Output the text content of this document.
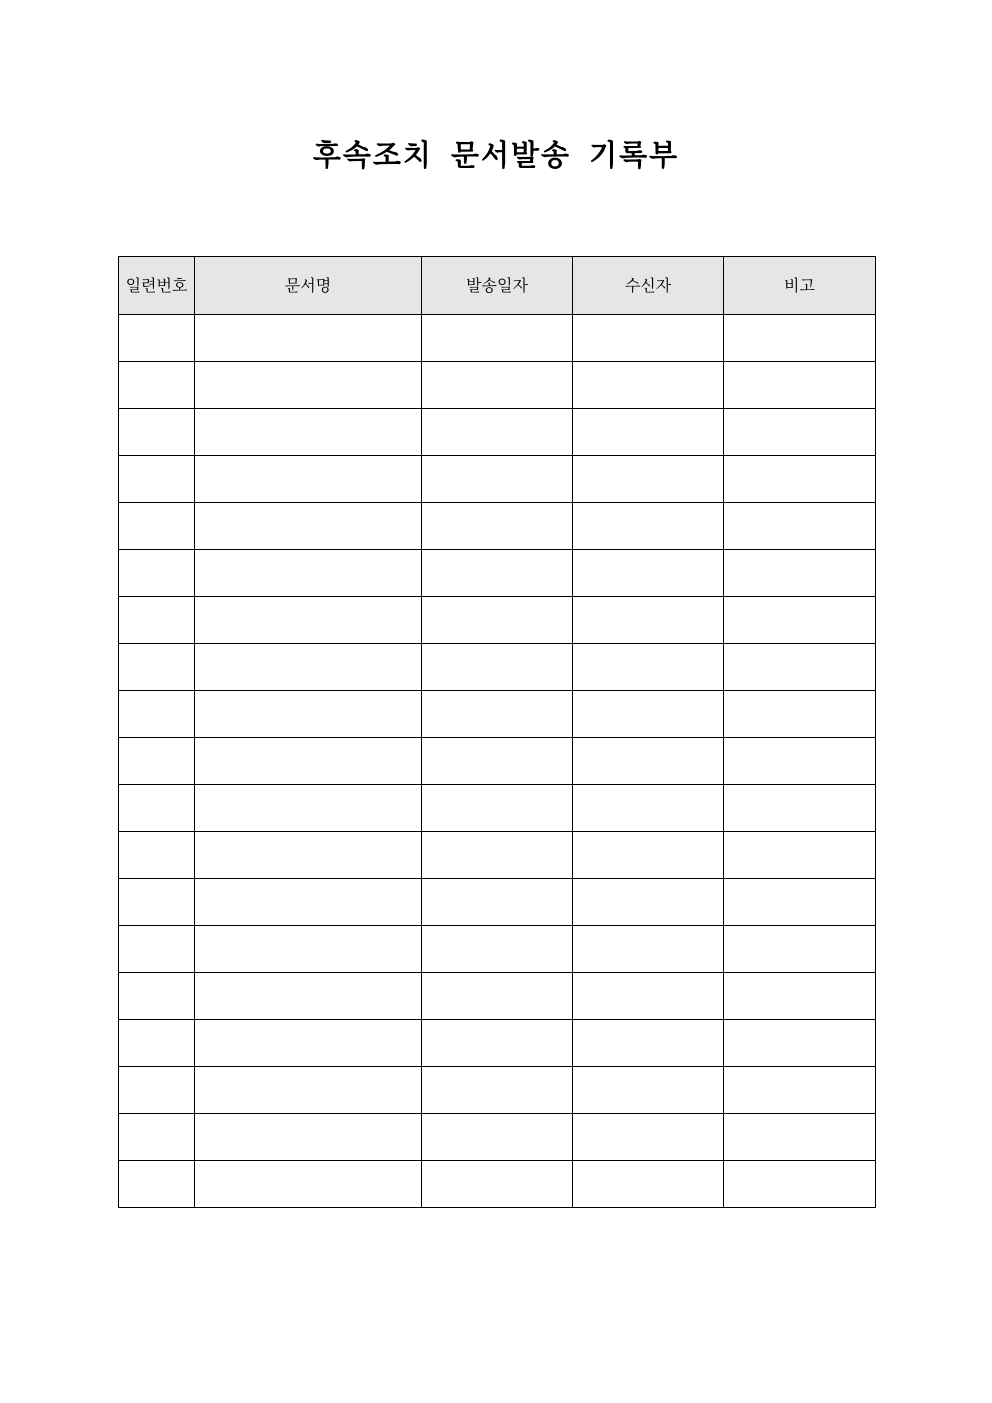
후속조치 문서발송 기록부
일련번호	문서명	발송일자	수신자	비고
